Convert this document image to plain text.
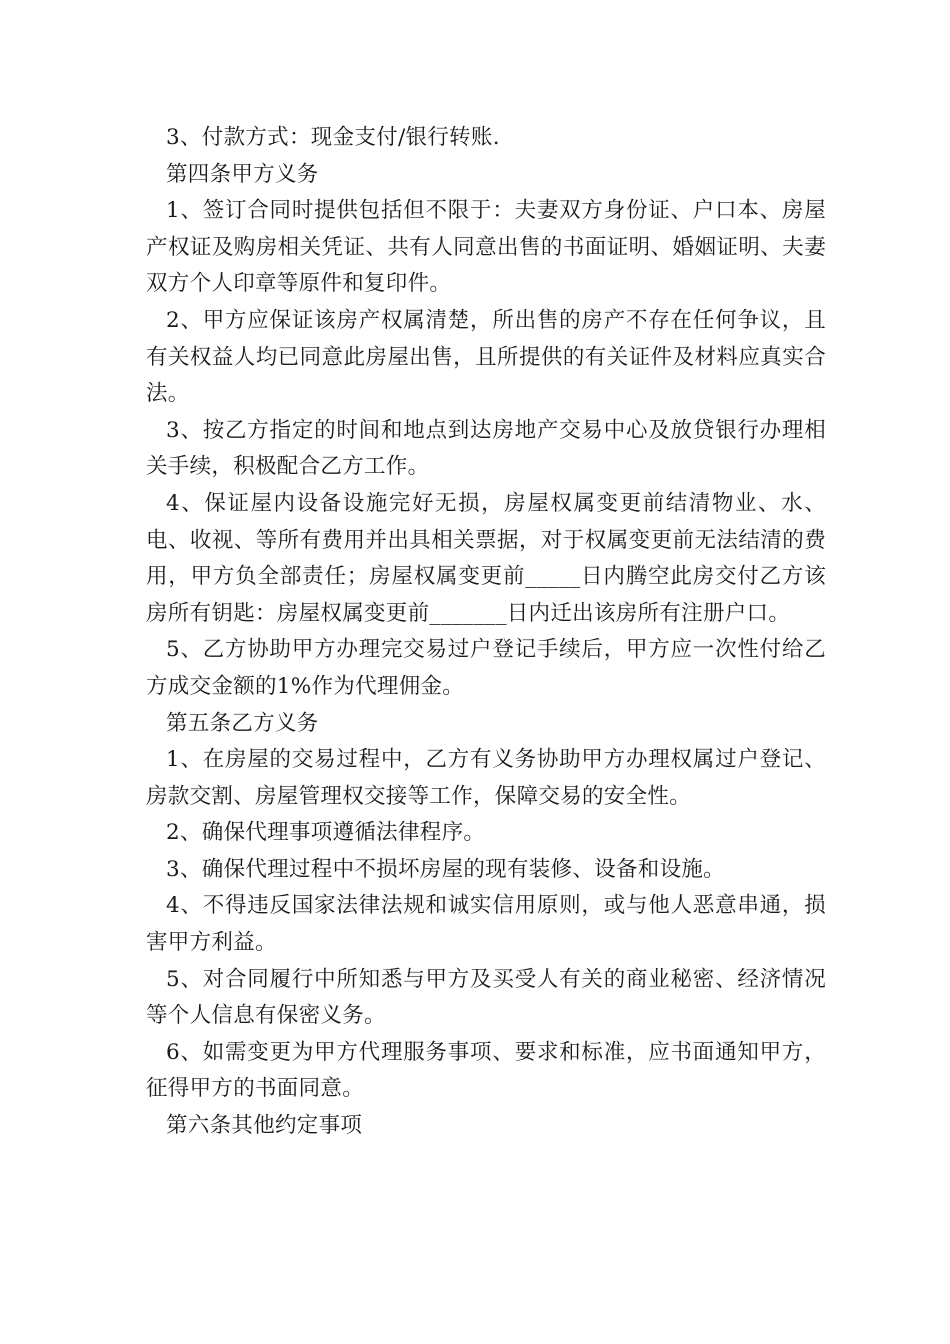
3、付款方式：现金支付/银行转账.

第四条甲方义务

1、签订合同时提供包括但不限于：夫妻双方身份证、户口本、房屋产权证及购房相关凭证、共有人同意出售的书面证明、婚姻证明、夫妻双方个人印章等原件和复印件。

2、甲方应保证该房产权属清楚，所出售的房产不存在任何争议，且有关权益人均已同意此房屋出售，且所提供的有关证件及材料应真实合法。

3、按乙方指定的时间和地点到达房地产交易中心及放贷银行办理相关手续，积极配合乙方工作。

4、保证屋内设备设施完好无损，房屋权属变更前结清物业、水、电、收视、等所有费用并出具相关票据，对于权属变更前无法结清的费用，甲方负全部责任；房屋权属变更前_____日内腾空此房交付乙方该房所有钥匙：房屋权属变更前_______日内迁出该房所有注册户口。

5、乙方协助甲方办理完交易过户登记手续后，甲方应一次性付给乙方成交金额的1%作为代理佣金。

第五条乙方义务

1、在房屋的交易过程中，乙方有义务协助甲方办理权属过户登记、房款交割、房屋管理权交接等工作，保障交易的安全性。

2、确保代理事项遵循法律程序。

3、确保代理过程中不损坏房屋的现有装修、设备和设施。

4、不得违反国家法律法规和诚实信用原则，或与他人恶意串通，损害甲方利益。

5、对合同履行中所知悉与甲方及买受人有关的商业秘密、经济情况等个人信息有保密义务。

6、如需变更为甲方代理服务事项、要求和标准，应书面通知甲方，征得甲方的书面同意。

第六条其他约定事项
